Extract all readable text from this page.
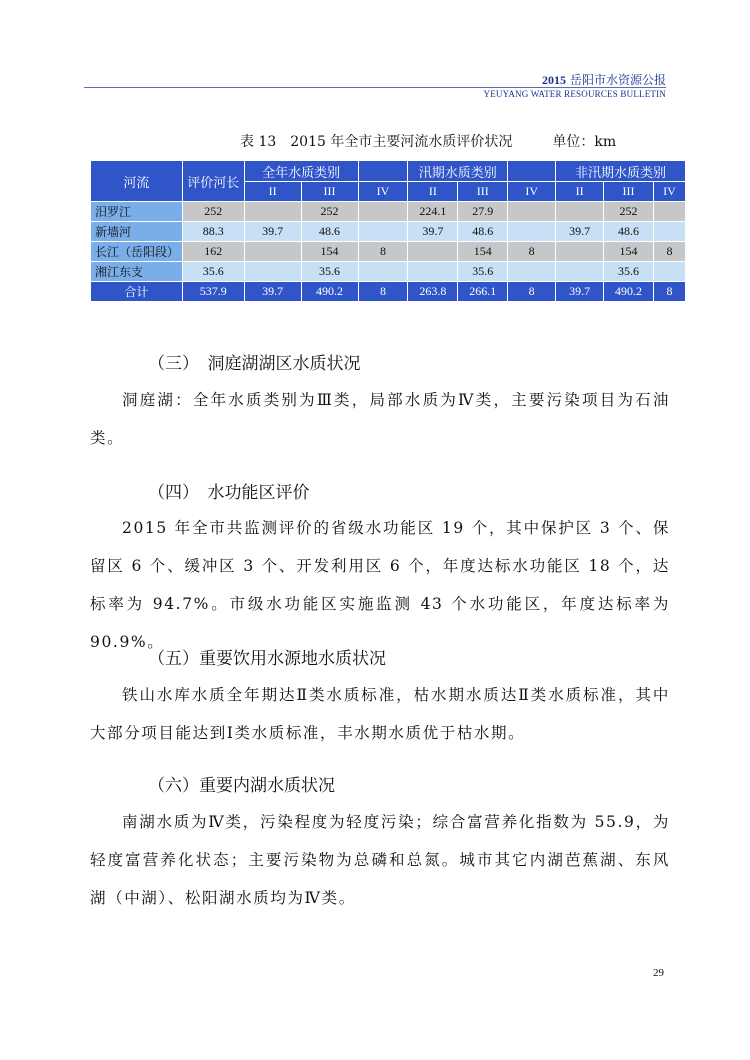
2015 岳阳市水资源公报
YEUYANG WATER RESOURCES BULLETIN
表 13　2015 年全市主要河流水质评价状况	单位：km
河流	评价河长	全年水质类别			汛期水质类别			非汛期水质类别		
		II	III	IV	II	III	IV	II	III	IV
汨罗江	252		252		224.1	27.9			252	
新墙河	88.3	39.7	48.6		39.7	48.6		39.7	48.6	
长江（岳阳段）	162		154	8		154	8		154	8
湘江东支	35.6		35.6			35.6			35.6	
合计	537.9	39.7	490.2	8	263.8	266.1	8	39.7	490.2	8
（三）　洞庭湖湖区水质状况
洞庭湖：全年水质类别为Ⅲ类，局部水质为Ⅳ类，主要污染项目为石油类。
（四）　水功能区评价
2015 年全市共监测评价的省级水功能区 19 个，其中保护区 3 个、保留区 6 个、缓冲区 3 个、开发利用区 6 个，年度达标水功能区 18 个，达标率为 94.7%。市级水功能区实施监测 43 个水功能区，年度达标率为 90.9%。
（五）重要饮用水源地水质状况
铁山水库水质全年期达Ⅱ类水质标准，枯水期水质达Ⅱ类水质标准，其中大部分项目能达到Ⅰ类水质标准，丰水期水质优于枯水期。
（六）重要内湖水质状况
南湖水质为Ⅳ类，污染程度为轻度污染；综合富营养化指数为 55.9，为轻度富营养化状态；主要污染物为总磷和总氮。城市其它内湖芭蕉湖、东风湖（中湖）、松阳湖水质均为Ⅳ类。
29
